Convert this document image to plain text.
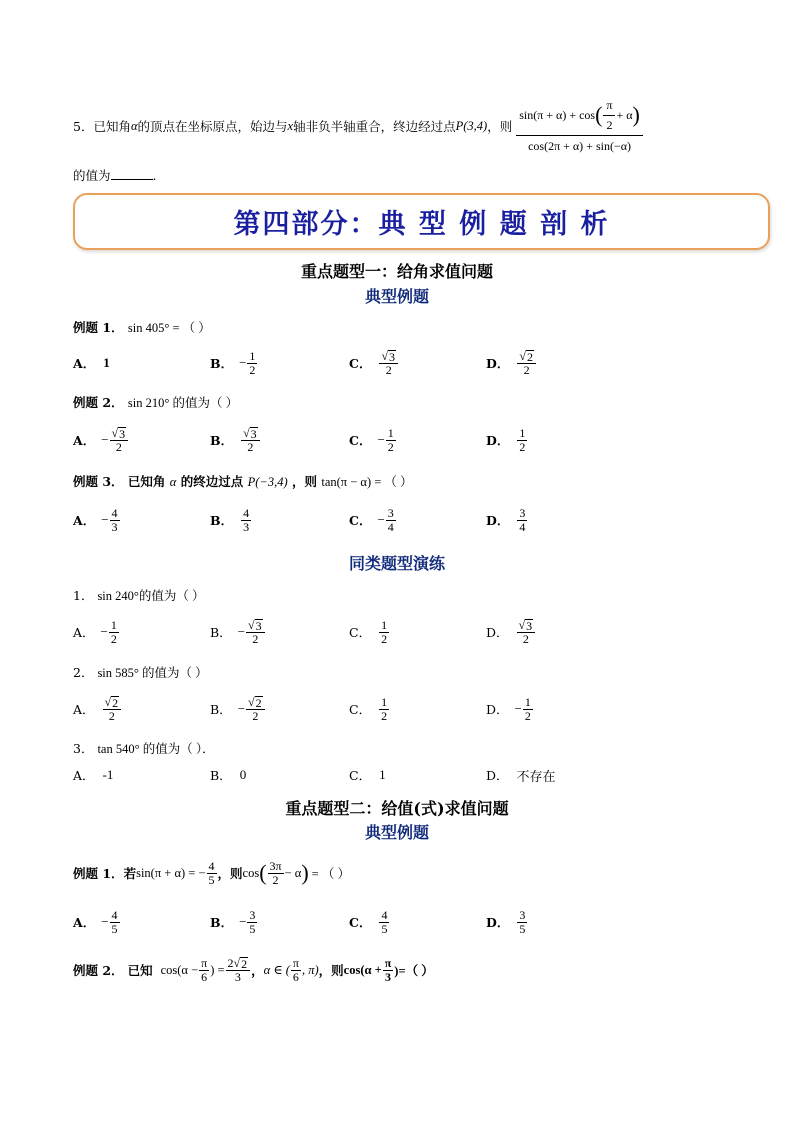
5．已知角 α 的顶点在坐标原点，始边与 x 轴非负半轴重合，终边经过点 P(3,4) ，则
sin(π + α) + cos ( $\frac{\pi}{2} + \alpha$ )
cos(2π + α) + sin(−α)
的值为	.
第四部分：典 型 例 题 剖 析
重点题型一：给角求值问题
典型例题
例题 1． sin 405° = （ ）
例题 2． sin 210° 的值为（ ）
例题 3． 已知角 α 的终边过点 P(−3,4) ，则 tan(π − α) = （ ）
同类题型演练
1． sin 240°的值为（ ）
2． sin 585° 的值为（ ）
3． tan 540° 的值为（ ）．
重点题型二：给值(式)求值问题
典型例题
例题 1． 若 sin(π + α) = − $\frac{4}{5}$ ，则 cos ( $\frac{3\pi}{2} - \alpha$ ) = （ ）
例题 2． 已知 $\cos(\alpha - \frac{\pi}{6}$ ) = $\frac{2 √ 2}{3}$ ， α ∈ ( $\frac{\pi}{6}$ , π) ，则 $\cos(\alpha + \frac{\pi}{3}$ )=（ ）
A． 1	B． − $\frac{1}{2}$	C． $\frac{√ 3}{2}$	D． $\frac{√ 2}{2}$
A． − $\frac{√ 3}{2}$	B． $\frac{√ 3}{2}$	C． − $\frac{1}{2}$	D． $\frac{1}{2}$
A． − $\frac{4}{3}$	B． $\frac{4}{3}$	C． − $\frac{3}{4}$	D． $\frac{3}{4}$
A． − $\frac{1}{2}$	B． − $\frac{√ 3}{2}$	C． $\frac{1}{2}$	D． $\frac{√ 3}{2}$
A． $\frac{√ 2}{2}$	B． − $\frac{√ 2}{2}$	C． $\frac{1}{2}$	D． − $\frac{1}{2}$
A． -1	B． 0	C． 1	D． 不存在
A． − $\frac{4}{5}$	B． − $\frac{3}{5}$	C． $\frac{4}{5}$	D． $\frac{3}{5}$
